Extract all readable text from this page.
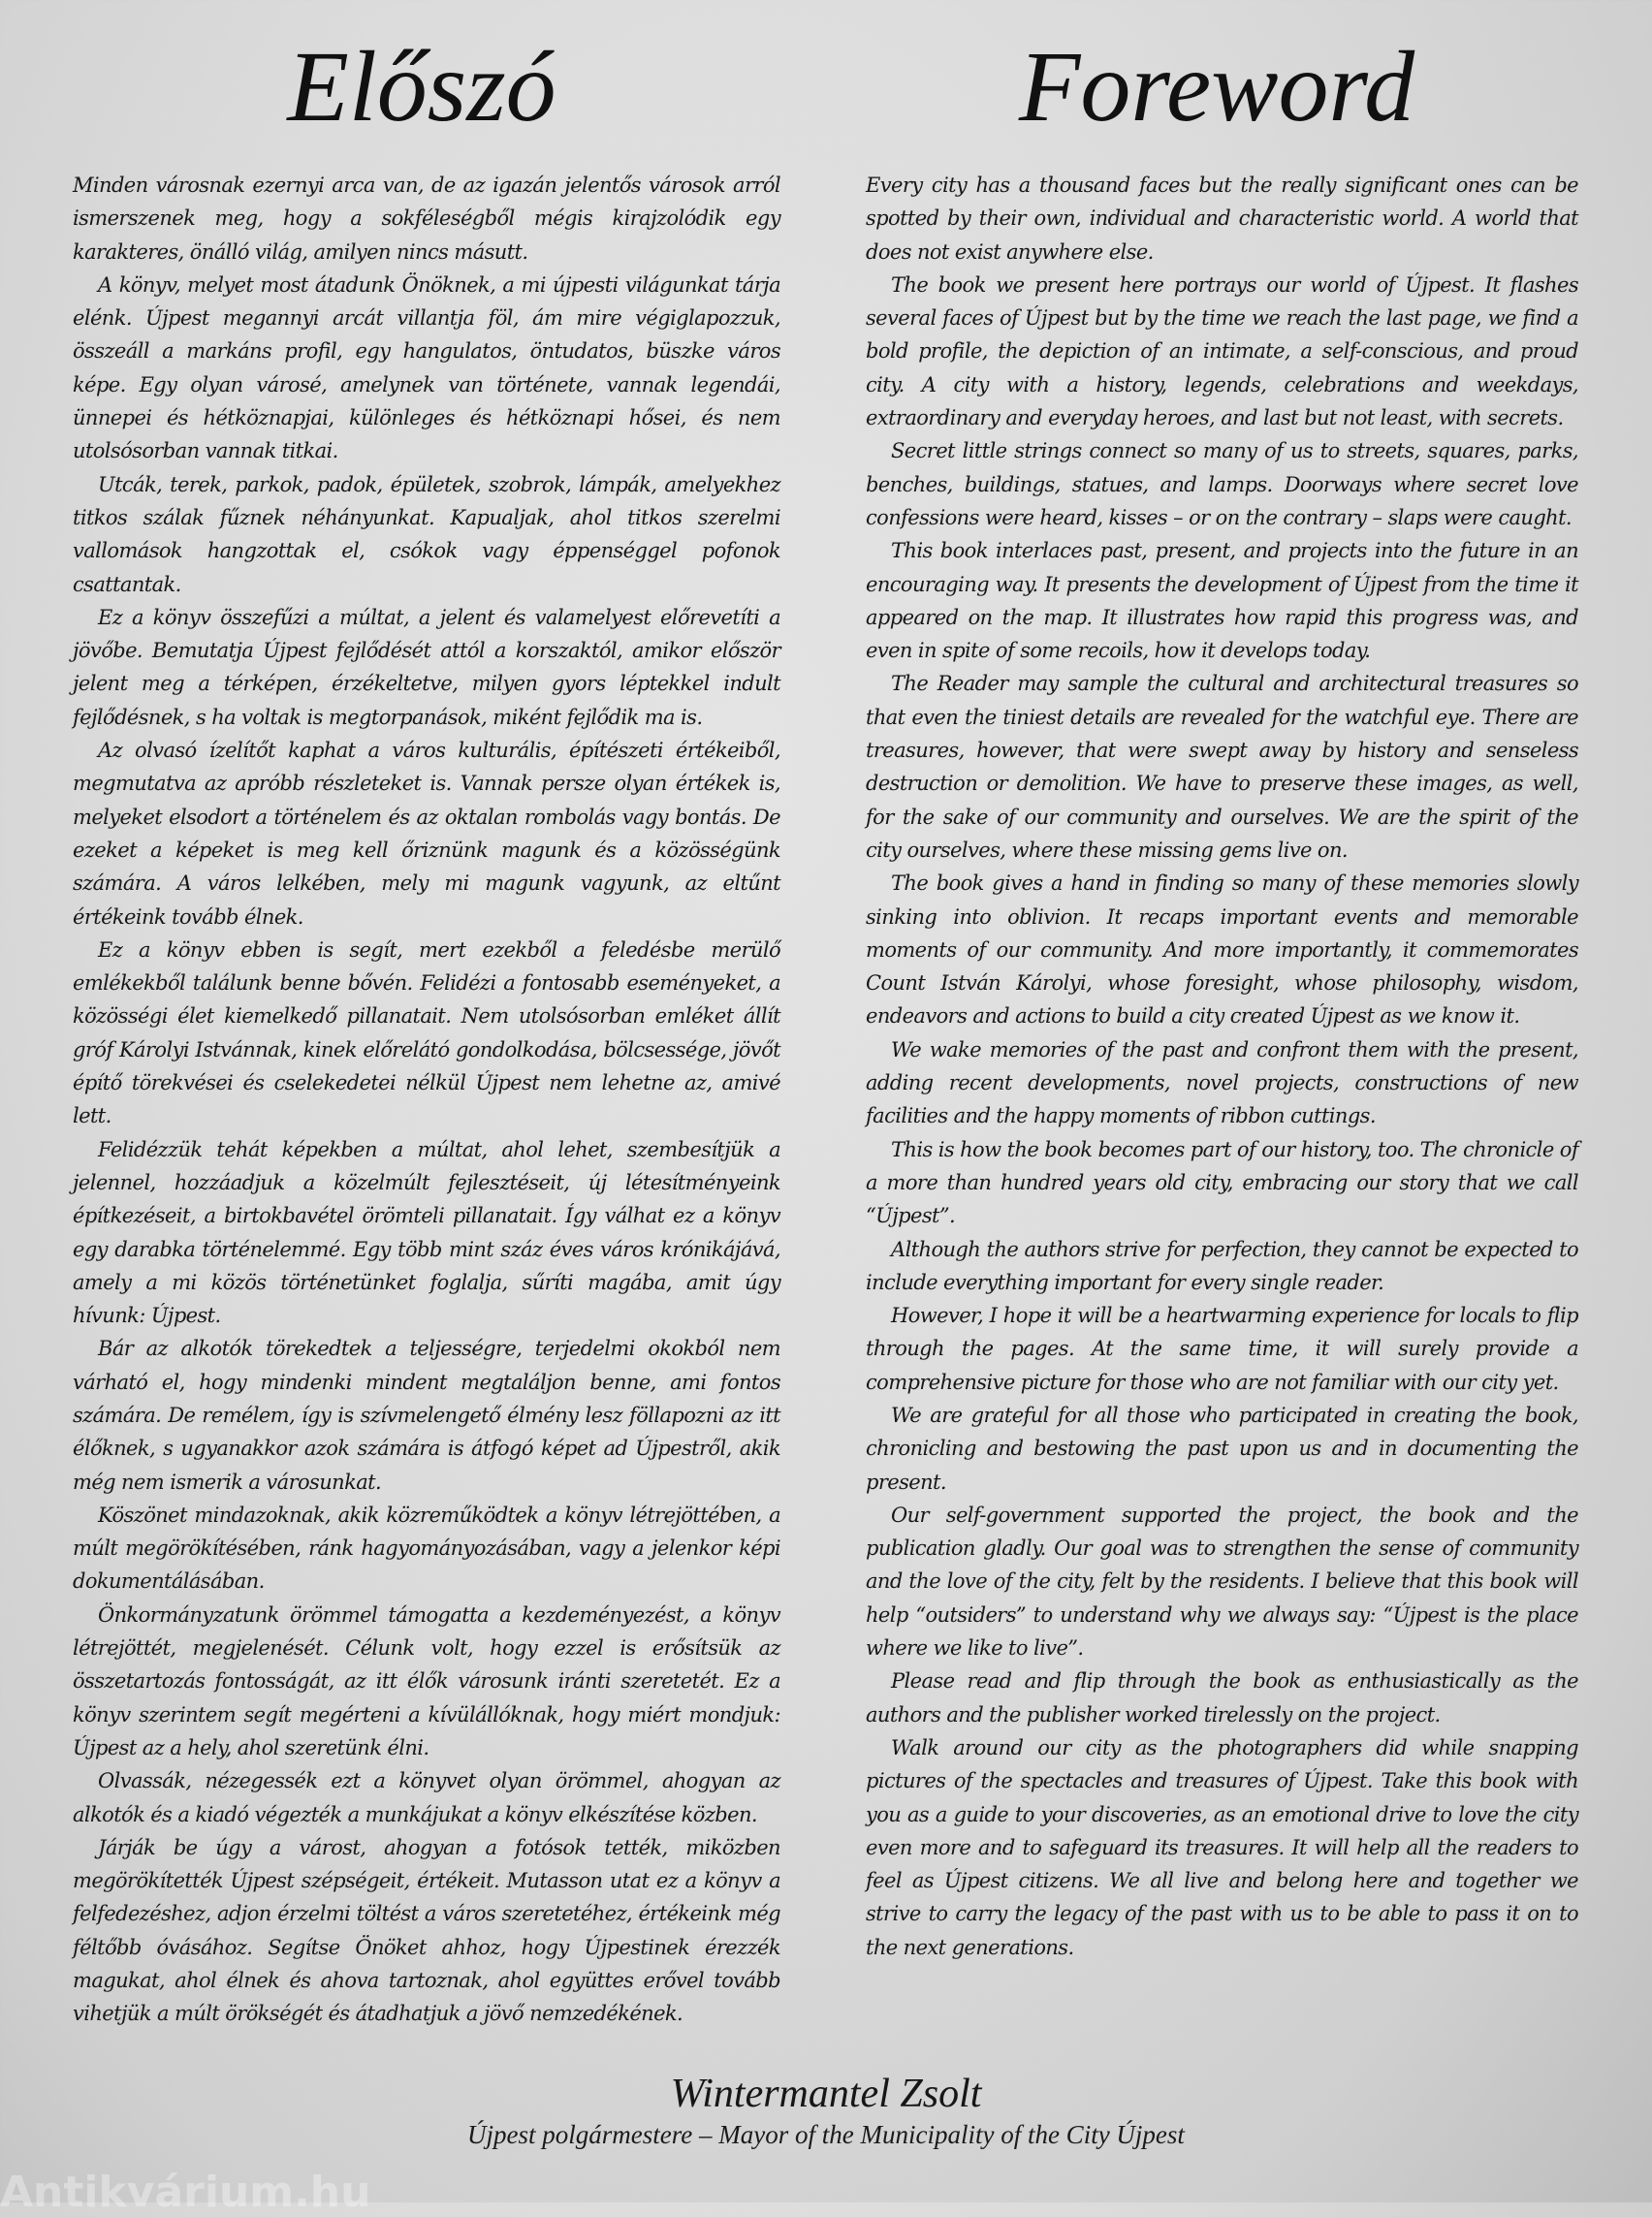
Előszó	Foreword

Minden városnak ezernyi arca van, de az igazán jelentős városok arról ismerszenek meg, hogy a sokféleségből mégis kirajzolódik egy karakteres, önálló világ, amilyen nincs másutt.

A könyv, melyet most átadunk Önöknek, a mi újpesti világunkat tárja elénk. Újpest megannyi arcát villantja föl, ám mire végiglapozzuk, összeáll a markáns profil, egy hangulatos, öntudatos, büszke város képe. Egy olyan városé, amelynek van története, vannak legendái, ünnepei és hétköznapjai, különleges és hétköznapi hősei, és nem utolsósorban vannak titkai.

Utcák, terek, parkok, padok, épületek, szobrok, lámpák, amelyekhez titkos szálak fűznek néhányunkat. Kapualjak, ahol titkos szerelmi vallomások hangzottak el, csókok vagy éppenséggel pofonok csattantak.

Ez a könyv összefűzi a múltat, a jelent és valamelyest előrevetíti a jövőbe. Bemutatja Újpest fejlődését attól a korszaktól, amikor először jelent meg a térképen, érzékeltetve, milyen gyors léptekkel indult fejlődésnek, s ha voltak is megtorpanások, miként fejlődik ma is.

Az olvasó ízelítőt kaphat a város kulturális, építészeti értékeiből, megmutatva az apróbb részleteket is. Vannak persze olyan értékek is, melyeket elsodort a történelem és az oktalan rombolás vagy bontás. De ezeket a képeket is meg kell őriznünk magunk és a közösségünk számára. A város lelkében, mely mi magunk vagyunk, az eltűnt értékeink tovább élnek.

Ez a könyv ebben is segít, mert ezekből a feledésbe merülő emlékekből találunk benne bővén. Felidézi a fontosabb eseményeket, a közösségi élet kiemelkedő pillanatait. Nem utolsósorban emléket állít gróf Károlyi Istvánnak, kinek előrelátó gondolkodása, bölcsessége, jövőt építő törekvései és cselekedetei nélkül Újpest nem lehetne az, amivé lett.

Felidézzük tehát képekben a múltat, ahol lehet, szembesítjük a jelennel, hozzáadjuk a közelmúlt fejlesztéseit, új létesítményeink építkezéseit, a birtokbavétel örömteli pillanatait. Így válhat ez a könyv egy darabka történelemmé. Egy több mint száz éves város krónikájává, amely a mi közös történetünket foglalja, sűríti magába, amit úgy hívunk: Újpest.

Bár az alkotók törekedtek a teljességre, terjedelmi okokból nem várható el, hogy mindenki mindent megtaláljon benne, ami fontos számára. De remélem, így is szívmelengető élmény lesz föllapozni az itt élőknek, s ugyanakkor azok számára is átfogó képet ad Újpestről, akik még nem ismerik a városunkat.

Köszönet mindazoknak, akik közreműködtek a könyv létrejöttében, a múlt megörökítésében, ránk hagyományozásában, vagy a jelenkor képi dokumentálásában.

Önkormányzatunk örömmel támogatta a kezdeményezést, a könyv létrejöttét, megjelenését. Célunk volt, hogy ezzel is erősítsük az összetartozás fontosságát, az itt élők városunk iránti szeretetét. Ez a könyv szerintem segít megérteni a kívülállóknak, hogy miért mondjuk: Újpest az a hely, ahol szeretünk élni.

Olvassák, nézegessék ezt a könyvet olyan örömmel, ahogyan az alkotók és a kiadó végezték a munkájukat a könyv elkészítése közben.

Járják be úgy a várost, ahogyan a fotósok tették, miközben megörökítették Újpest szépségeit, értékeit. Mutasson utat ez a könyv a felfedezéshez, adjon érzelmi töltést a város szeretetéhez, értékeink még féltőbb óvásához. Segítse Önöket ahhoz, hogy Újpestinek érezzék magukat, ahol élnek és ahova tartoznak, ahol együttes erővel tovább vihetjük a múlt örökségét és átadhatjuk a jövő nemzedékének.

Every city has a thousand faces but the really significant ones can be spotted by their own, individual and characteristic world. A world that does not exist anywhere else.

The book we present here portrays our world of Újpest. It flashes several faces of Újpest but by the time we reach the last page, we find a bold profile, the depiction of an intimate, a self-conscious, and proud city. A city with a history, legends, celebrations and weekdays, extraordinary and everyday heroes, and last but not least, with secrets.

Secret little strings connect so many of us to streets, squares, parks, benches, buildings, statues, and lamps. Doorways where secret love confessions were heard, kisses – or on the contrary – slaps were caught.

This book interlaces past, present, and projects into the future in an encouraging way. It presents the development of Újpest from the time it appeared on the map. It illustrates how rapid this progress was, and even in spite of some recoils, how it develops today.

The Reader may sample the cultural and architectural treasures so that even the tiniest details are revealed for the watchful eye. There are treasures, however, that were swept away by history and senseless destruction or demolition. We have to preserve these images, as well, for the sake of our community and ourselves. We are the spirit of the city ourselves, where these missing gems live on.

The book gives a hand in finding so many of these memories slowly sinking into oblivion. It recaps important events and memorable moments of our community. And more importantly, it commemorates Count István Károlyi, whose foresight, whose philosophy, wisdom, endeavors and actions to build a city created Újpest as we know it.

We wake memories of the past and confront them with the present, adding recent developments, novel projects, constructions of new facilities and the happy moments of ribbon cuttings.

This is how the book becomes part of our history, too. The chronicle of a more than hundred years old city, embracing our story that we call “Újpest”.

Although the authors strive for perfection, they cannot be expected to include everything important for every single reader.

However, I hope it will be a heartwarming experience for locals to flip through the pages. At the same time, it will surely provide a comprehensive picture for those who are not familiar with our city yet.

We are grateful for all those who participated in creating the book, chronicling and bestowing the past upon us and in documenting the present.

Our self-government supported the project, the book and the publication gladly. Our goal was to strengthen the sense of community and the love of the city, felt by the residents. I believe that this book will help “outsiders” to understand why we always say: “Újpest is the place where we like to live”.

Please read and flip through the book as enthusiastically as the authors and the publisher worked tirelessly on the project.

Walk around our city as the photographers did while snapping pictures of the spectacles and treasures of Újpest. Take this book with you as a guide to your discoveries, as an emotional drive to love the city even more and to safeguard its treasures. It will help all the readers to feel as Újpest citizens. We all live and belong here and together we strive to carry the legacy of the past with us to be able to pass it on to the next generations.

Wintermantel Zsolt
Újpest polgármestere – Mayor of the Municipality of the City Újpest
Antikvárium.hu
